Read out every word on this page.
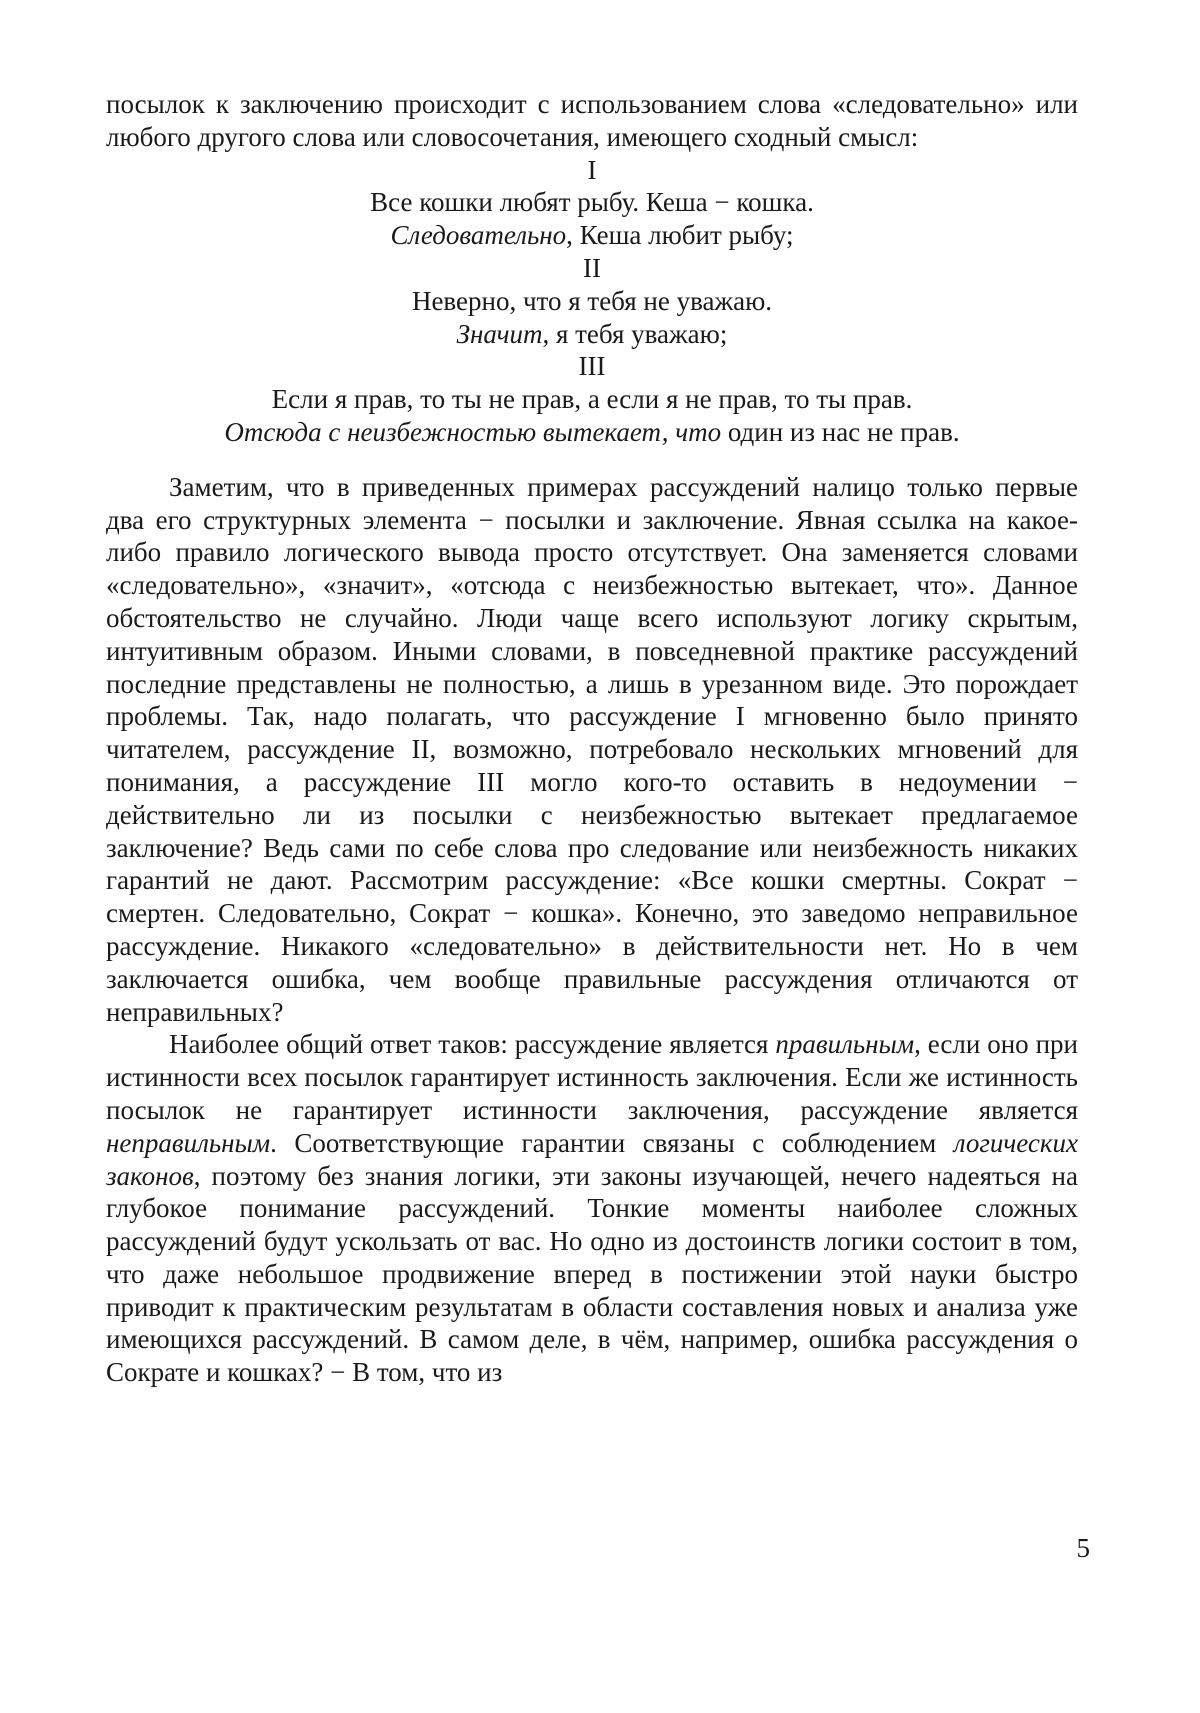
посылок к заключению происходит с использованием слова «следовательно» или любого другого слова или словосочетания, имеющего сходный смысл:

I
Все кошки любят рыбу. Кеша − кошка.
Следовательно, Кеша любит рыбу;
II
Неверно, что я тебя не уважаю.
Значит, я тебя уважаю;
III
Если я прав, то ты не прав, а если я не прав, то ты прав.
Отсюда с неизбежностью вытекает, что один из нас не прав.

Заметим, что в приведенных примерах рассуждений налицо только первые два его структурных элемента − посылки и заключение. Явная ссылка на какое-либо правило логического вывода просто отсутствует. Она заменяется словами «следовательно», «значит», «отсюда с неизбежностью вытекает, что». Данное обстоятельство не случайно. Люди чаще всего используют логику скрытым, интуитивным образом. Иными словами, в повседневной практике рассуждений последние представлены не полностью, а лишь в урезанном виде. Это порождает проблемы. Так, надо полагать, что рассуждение I мгновенно было принято читателем, рассуждение II, возможно, потребовало нескольких мгновений для понимания, а рассуждение III могло кого-то оставить в недоумении − действительно ли из посылки с неизбежностью вытекает предлагаемое заключение? Ведь сами по себе слова про следование или неизбежность никаких гарантий не дают. Рассмотрим рассуждение: «Все кошки смертны. Сократ − смертен. Следовательно, Сократ − кошка». Конечно, это заведомо неправильное рассуждение. Никакого «следовательно» в действительности нет. Но в чем заключается ошибка, чем вообще правильные рассуждения отличаются от неправильных?

Наиболее общий ответ таков: рассуждение является правильным, если оно при истинности всех посылок гарантирует истинность заключения. Если же истинность посылок не гарантирует истинности заключения, рассуждение является неправильным. Соответствующие гарантии связаны с соблюдением логических законов, поэтому без знания логики, эти законы изучающей, нечего надеяться на глубокое понимание рассуждений. Тонкие моменты наиболее сложных рассуждений будут ускользать от вас. Но одно из достоинств логики состоит в том, что даже небольшое продвижение вперед в постижении этой науки быстро приводит к практическим результатам в области составления новых и анализа уже имеющихся рассуждений. В самом деле, в чём, например, ошибка рассуждения о Сократе и кошках? − В том, что из

5
